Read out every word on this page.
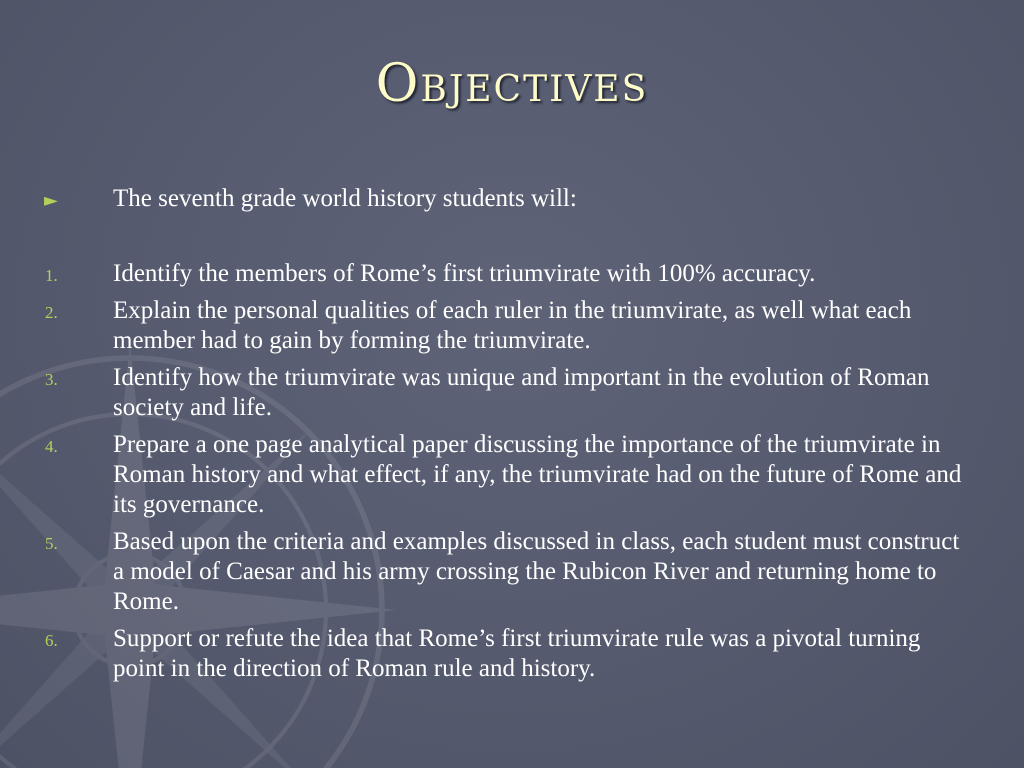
Objectives
► The seventh grade world history students will:
1. Identify the members of Rome’s first triumvirate with 100% accuracy.
2. Explain the personal qualities of each ruler in the triumvirate, as well what each member had to gain by forming the triumvirate.
3. Identify how the triumvirate was unique and important in the evolution of Roman society and life.
4. Prepare a one page analytical paper discussing the importance of the triumvirate in Roman history and what effect, if any, the triumvirate had on the future of Rome and its governance.
5. Based upon the criteria and examples discussed in class, each student must construct a model of Caesar and his army crossing the Rubicon River and returning home to Rome.
6. Support or refute the idea that Rome’s first triumvirate rule was a pivotal turning point in the direction of Roman rule and history.
